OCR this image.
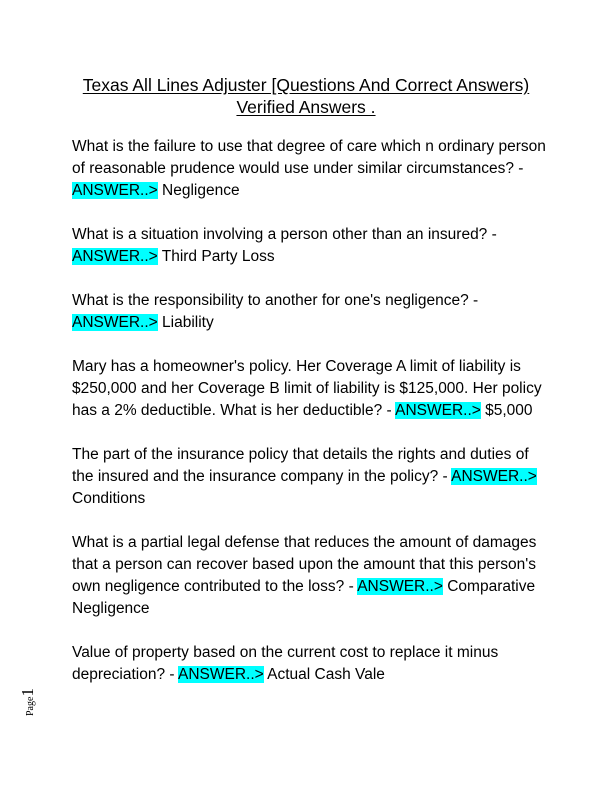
Texas All Lines Adjuster [Questions And Correct Answers)
Verified Answers .

What is the failure to use that degree of care which n ordinary person of reasonable prudence would use under similar circumstances? - ANSWER..> Negligence

What is a situation involving a person other than an insured? - ANSWER..> Third Party Loss

What is the responsibility to another for one's negligence? - ANSWER..> Liability

Mary has a homeowner's policy. Her Coverage A limit of liability is $250,000 and her Coverage B limit of liability is $125,000. Her policy has a 2% deductible. What is her deductible? - ANSWER..> $5,000

The part of the insurance policy that details the rights and duties of the insured and the insurance company in the policy? - ANSWER..> Conditions

What is a partial legal defense that reduces the amount of damages that a person can recover based upon the amount that this person's own negligence contributed to the loss? - ANSWER..> Comparative Negligence

Value of property based on the current cost to replace it minus depreciation? - ANSWER..> Actual Cash Vale

Page1
